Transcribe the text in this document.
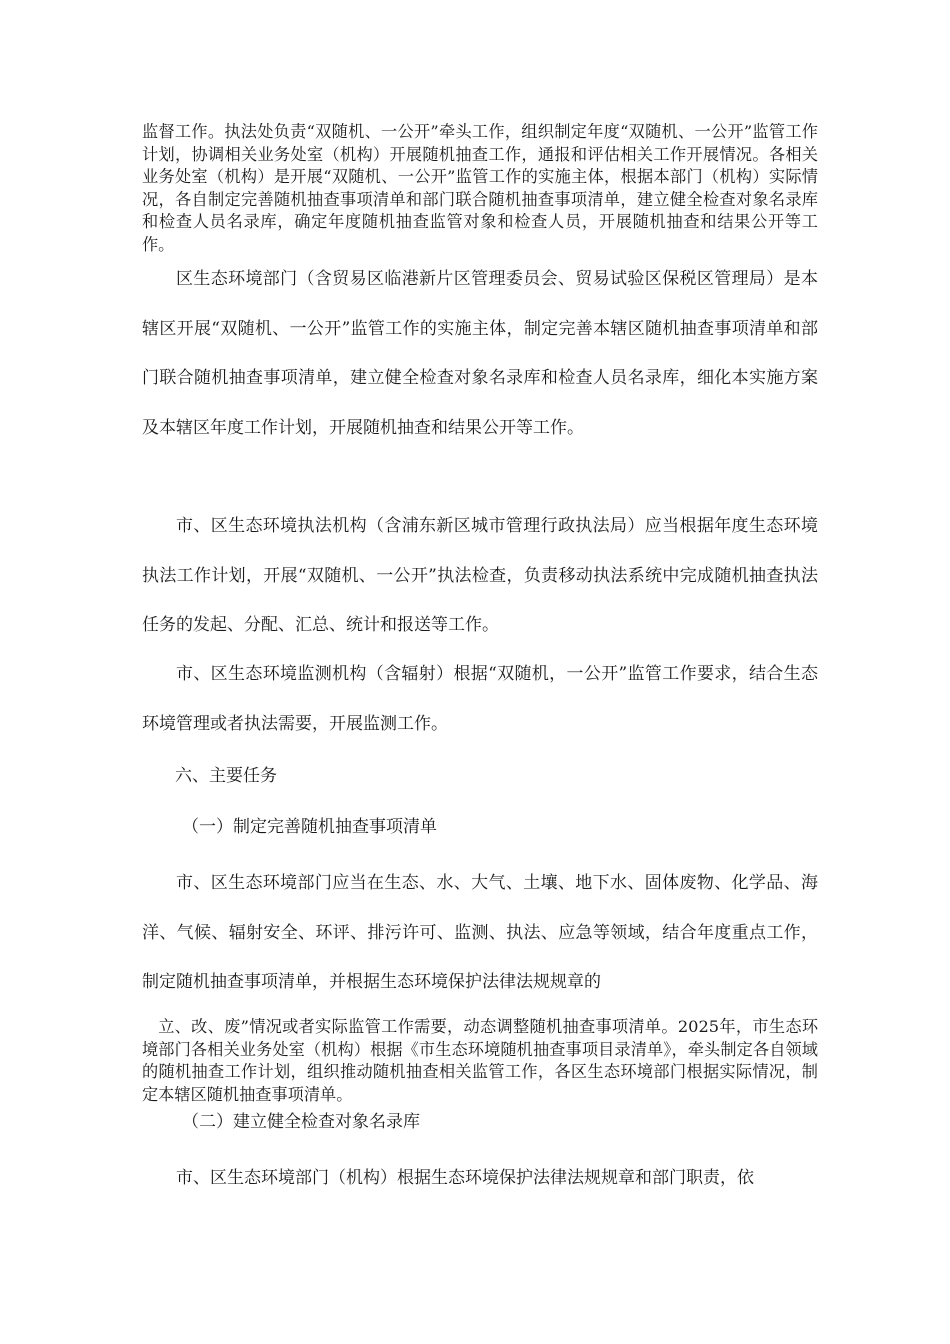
监督工作。执法处负责“双随机、一公开”牵头工作，组织制定年度“双随机、一公开”监管工作计划，协调相关业务处室（机构）开展随机抽查工作，通报和评估相关工作开展情况。各相关业务处室（机构）是开展“双随机、一公开”监管工作的实施主体，根据本部门（机构）实际情况，各自制定完善随机抽查事项清单和部门联合随机抽查事项清单，建立健全检查对象名录库和检查人员名录库，确定年度随机抽查监管对象和检查人员，开展随机抽查和结果公开等工作。

区生态环境部门（含贸易区临港新片区管理委员会、贸易试验区保税区管理局）是本辖区开展“双随机、一公开”监管工作的实施主体，制定完善本辖区随机抽查事项清单和部门联合随机抽查事项清单，建立健全检查对象名录库和检查人员名录库，细化本实施方案及本辖区年度工作计划，开展随机抽查和结果公开等工作。

市、区生态环境执法机构（含浦东新区城市管理行政执法局）应当根据年度生态环境执法工作计划，开展“双随机、一公开”执法检查，负责移动执法系统中完成随机抽查执法任务的发起、分配、汇总、统计和报送等工作。

市、区生态环境监测机构（含辐射）根据“双随机，一公开”监管工作要求，结合生态环境管理或者执法需要，开展监测工作。

六、主要任务
（一）制定完善随机抽查事项清单

市、区生态环境部门应当在生态、水、大气、土壤、地下水、固体废物、化学品、海洋、气候、辐射安全、环评、排污许可、监测、执法、应急等领域，结合年度重点工作，制定随机抽查事项清单，并根据生态环境保护法律法规规章的

立、改、废”情况或者实际监管工作需要，动态调整随机抽查事项清单。2025年，市生态环境部门各相关业务处室（机构）根据《市生态环境随机抽查事项目录清单》，牵头制定各自领域的随机抽查工作计划，组织推动随机抽查相关监管工作，各区生态环境部门根据实际情况，制定本辖区随机抽查事项清单。

（二）建立健全检查对象名录库

市、区生态环境部门（机构）根据生态环境保护法律法规规章和部门职责，依
